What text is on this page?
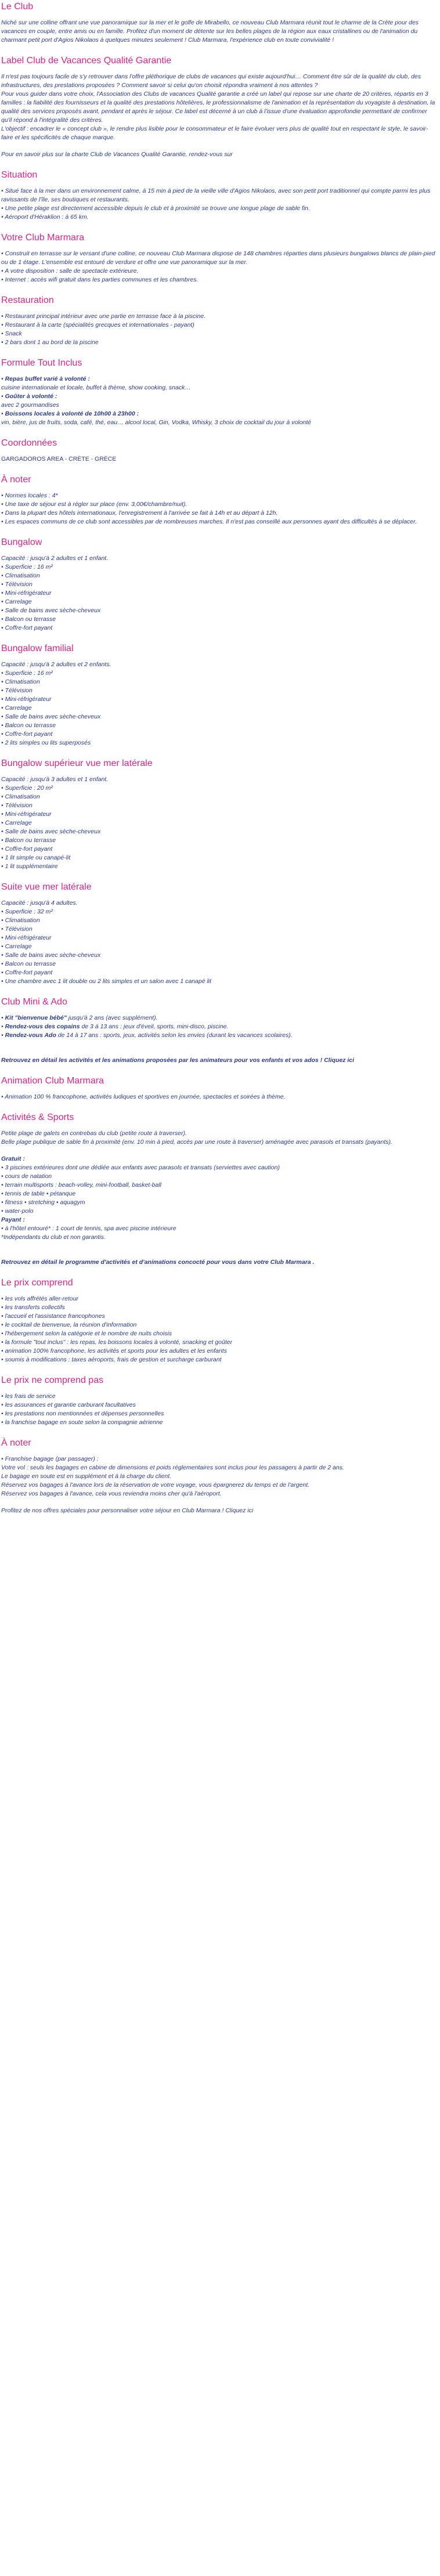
Le Club

Niché sur une colline offrant une vue panoramique sur la mer et le golfe de Mirabello, ce nouveau Club Marmara réunit tout le charme de la Crète pour des vacances en couple, entre amis ou en famille. Profitez d'un moment de détente sur les belles plages de la région aux eaux cristallines ou de l'animation du charmant petit port d'Agios Nikolaos à quelques minutes seulement ! Club Marmara, l'expérience club en toute convivialité !

Label Club de Vacances Qualité Garantie

Il n'est pas toujours facile de s'y retrouver dans l'offre pléthorique de clubs de vacances qui existe aujourd'hui… Comment être sûr de la qualité du club, des infrastructures, des prestations proposées ? Comment savoir si celui qu'on choisit répondra vraiment à nos attentes ?

Pour vous guider dans votre choix, l'Association des Clubs de vacances Qualité garantie a créé un label qui repose sur une charte de 20 critères, répartis en 3 familles : la fiabilité des fournisseurs et la qualité des prestations hôtelières, le professionnalisme de l'animation et la représentation du voyagiste à destination, la qualité des services proposés avant, pendant et après le séjour. Ce label est décerné à un club à l'issue d'une évaluation approfondie permettant de confirmer qu'il répond à l'intégralité des critères.

L'objectif : encadrer le « concept club », le rendre plus lisible pour le consommateur et le faire évoluer vers plus de qualité tout en respectant le style, le savoir-faire et les spécificités de chaque marque.

Pour en savoir plus sur la charte Club de Vacances Qualité Garantie, rendez-vous sur

Situation
• Situé face à la mer dans un environnement calme, à 15 min à pied de la vieille ville d'Agios Nikolaos, avec son petit port traditionnel qui compte parmi les plus ravissants de l'île, ses boutiques et restaurants.
• Une petite plage est directement accessible depuis le club et à proximité se trouve une longue plage de sable fin.
• Aéroport d'Héraklion : à 65 km.
Votre Club Marmara
• Construit en terrasse sur le versant d'une colline, ce nouveau Club Marmara dispose de 148 chambres réparties dans plusieurs bungalows blancs de plain-pied ou de 1 étage. L'ensemble est entouré de verdure et offre une vue panoramique sur la mer.
• A votre disposition : salle de spectacle extérieure.
• Internet : accès wifi gratuit dans les parties communes et les chambres.
Restauration
• Restaurant principal intérieur avec une partie en terrasse face à la piscine.
• Restaurant à la carte (spécialités grecques et internationales - payant)
• Snack
• 2 bars dont 1 au bord de la piscine
Formule Tout Inclus

• Repas buffet varié à volonté :

cuisine internationale et locale, buffet à thème, show cooking, snack…

• Goûter à volonté :

avec 2 gourmandises

• Boissons locales à volonté de 10h00 à 23h00 :

vin, bière, jus de fruits, soda, café, thé, eau… alcool local, Gin, Vodka, Whisky, 3 choix de cocktail du jour à volonté

Coordonnées

GARGADOROS AREA - CRÈTE - GRÈCE

À noter
• Normes locales : 4*
• Une taxe de séjour est à régler sur place (env. 3,00€/chambre/nuit).
• Dans la plupart des hôtels internationaux, l'enregistrement à l'arrivée se fait à 14h et au départ à 12h.
• Les espaces communs de ce club sont accessibles par de nombreuses marches. Il n'est pas conseillé aux personnes ayant des difficultés à se déplacer.
Bungalow

Capacité : jusqu'à 2 adultes et 1 enfant.

• Superficie : 16 m²
• Climatisation
• Télévision
• Mini-réfrigérateur
• Carrelage
• Salle de bains avec sèche-cheveux
• Balcon ou terrasse
• Coffre-fort payant
Bungalow familial

Capacité : jusqu'à 2 adultes et 2 enfants.

• Superficie : 16 m²
• Climatisation
• Télévision
• Mini-réfrigérateur
• Carrelage
• Salle de bains avec sèche-cheveux
• Balcon ou terrasse
• Coffre-fort payant
• 2 lits simples ou lits superposés
Bungalow supérieur vue mer latérale

Capacité : jusqu'à 3 adultes et 1 enfant.

• Superficie : 20 m²
• Climatisation
• Télévision
• Mini-réfrigérateur
• Carrelage
• Salle de bains avec sèche-cheveux
• Balcon ou terrasse
• Coffre-fort payant
• 1 lit simple ou canapé-lit
• 1 lit supplémentaire
Suite vue mer latérale

Capacité : jusqu'à 4 adultes.

• Superficie : 32 m²
• Climatisation
• Télévision
• Mini-réfrigérateur
• Carrelage
• Salle de bains avec sèche-cheveux
• Balcon ou terrasse
• Coffre-fort payant
• Une chambre avec 1 lit double ou 2 lits simples et un salon avec 1 canapé lit
Club Mini & Ado

• Kit "bienvenue bébé" jusqu'à 2 ans (avec supplément).

• Rendez-vous des copains de 3 à 13 ans : jeux d'éveil, sports, mini-disco, piscine.

• Rendez-vous Ado de 14 à 17 ans : sports, jeux, activités selon les envies (durant les vacances scolaires).

Retrouvez en détail les activités et les animations proposées par les animateurs pour vos enfants et vos ados ! Cliquez ici

Animation Club Marmara
• Animation 100 % francophone, activités ludiques et sportives en journée, spectacles et soirées à thème.
Activités & Sports

Petite plage de galets en contrebas du club (petite route à traverser).

Belle plage publique de sable fin à proximité (env. 10 min à pied, accès par une route à traverser) aménagée avec parasols et transats (payants).

Gratuit :

• 3 piscines extérieures dont une dédiée aux enfants avec parasols et transats (serviettes avec caution)
• cours de natation
• terrain multisports : beach-volley, mini-football, basket-ball
• tennis de table • pétanque
• fitness • stretching • aquagym
• water-polo

Payant :

• à l'hôtel entouré* : 1 court de tennis, spa avec piscine intérieure

*Indépendants du club et non garantis.

Retrouvez en détail le programme d'activités et d'animations concocté pour vous dans votre Club Marmara .

Le prix comprend
• les vols affrétés aller-retour
• les transferts collectifs
• l'accueil et l'assistance francophones
• le cocktail de bienvenue, la réunion d'information
• l'hébergement selon la catégorie et le nombre de nuits choisis
• la formule "tout inclus" : les repas, les boissons locales à volonté, snacking et goûter
• animation 100% francophone, les activités et sports pour les adultes et les enfants
• soumis à modifications : taxes aéroports, frais de gestion et surcharge carburant
Le prix ne comprend pas
• les frais de service
• les assurances et garantie carburant facultatives
• les prestations non mentionnées et dépenses personnelles
• la franchise bagage en soute selon la compagnie aérienne
À noter
• Franchise bagage (par passager) :

Votre vol : seuls les bagages en cabine de dimensions et poids réglementaires sont inclus pour les passagers à partir de 2 ans.

Le bagage en soute est en supplément et à la charge du client.

Réservez vos bagages à l'avance lors de la réservation de votre voyage, vous épargnerez du temps et de l'argent.

Réservez vos bagages à l'avance, cela vous reviendra moins cher qu'à l'aéroport.

Profitez de nos offres spéciales pour personnaliser votre séjour en Club Marmara ! Cliquez ici
